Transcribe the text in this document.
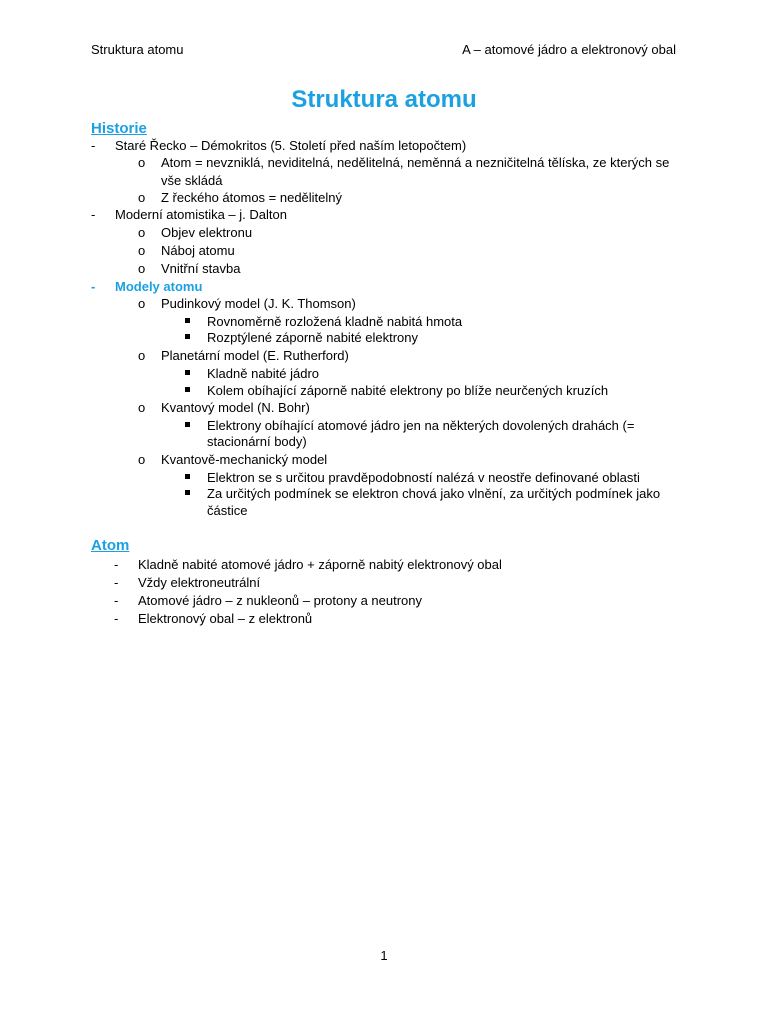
Struktura atomu	A – atomové jádro a elektronový obal
Struktura atomu
Historie
- Staré Řecko – Démokritos (5. Století před naším letopočtem)
o Atom = nevzniklá, neviditelná, nedělitelná, neměnná a nezničitelná tělíska, ze kterých se
vše skládá
o Z řeckého átomos = nedělitelný
- Moderní atomistika – j. Dalton
o Objev elektronu
o Náboj atomu
o Vnitřní stavba
- Modely atomu
o Pudinkový model (J. K. Thomson)
Rovnoměrně rozložená kladně nabitá hmota
Rozptýlené záporně nabité elektrony
o Planetární model (E. Rutherford)
Kladně nabité jádro
Kolem obíhající záporně nabité elektrony po blíže neurčených kruzích
o Kvantový model (N. Bohr)
Elektrony obíhající atomové jádro jen na některých dovolených drahách (=
stacionární body)
o Kvantově-mechanický model
Elektron se s určitou pravděpodobností nalézá v neostře definované oblasti
Za určitých podmínek se elektron chová jako vlnění, za určitých podmínek jako
částice
Atom
- Kladně nabité atomové jádro + záporně nabitý elektronový obal
- Vždy elektroneutrální
- Atomové jádro – z nukleonů – protony a neutrony
- Elektronový obal – z elektronů
1
